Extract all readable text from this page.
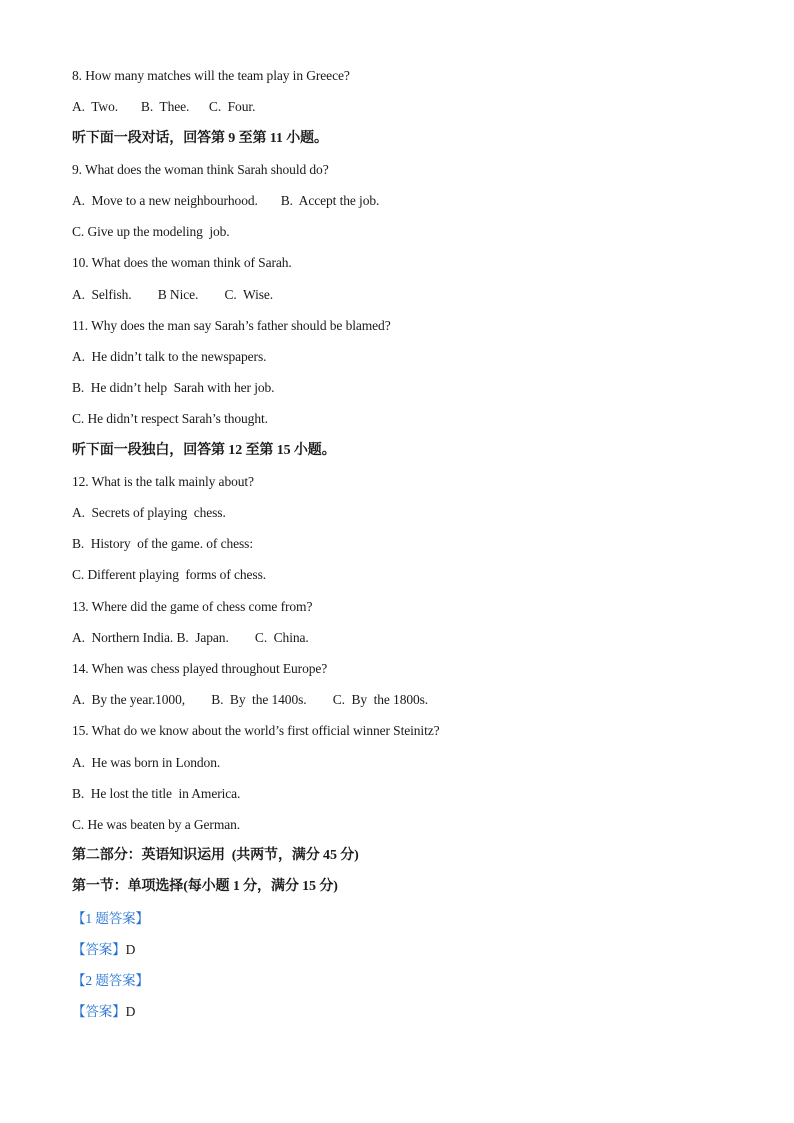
8. How many matches will the team play in Greece?
A.  Two.       B.  Thee.      C.  Four.
听下面一段对话，回答第 9 至第 11 小题。
9. What does the woman think Sarah should do?
A.  Move to a new neighbourhood.       B.  Accept the job.
C. Give up the modeling  job.
10. What does the woman think of Sarah.
A.  Selfish.        B Nice.        C.  Wise.
11. Why does the man say Sarah’s father should be blamed?
A.  He didn’t talk to the newspapers.
B.  He didn’t help  Sarah with her job.
C. He didn’t respect Sarah’s thought.
听下面一段独白，回答第 12 至第 15 小题。
12. What is the talk mainly about?
A.  Secrets of playing  chess.
B.  History  of the game. of chess:
C. Different playing  forms of chess.
13. Where did the game of chess come from?
A.  Northern India. B.  Japan.        C.  China.
14. When was chess played throughout Europe?
A.  By the year.1000,        B.  By  the 1400s.        C.  By  the 1800s.
15. What do we know about the world’s first official winner Steinitz?
A.  He was born in London.
B.  He lost the title  in America.
C. He was beaten by a German.
第二部分：英语知识运用  (共两节，满分 45 分)
第一节：单项选择(每小题 1 分，满分 15 分)
【1 题答案】
【答案】D
【2 题答案】
【答案】D
